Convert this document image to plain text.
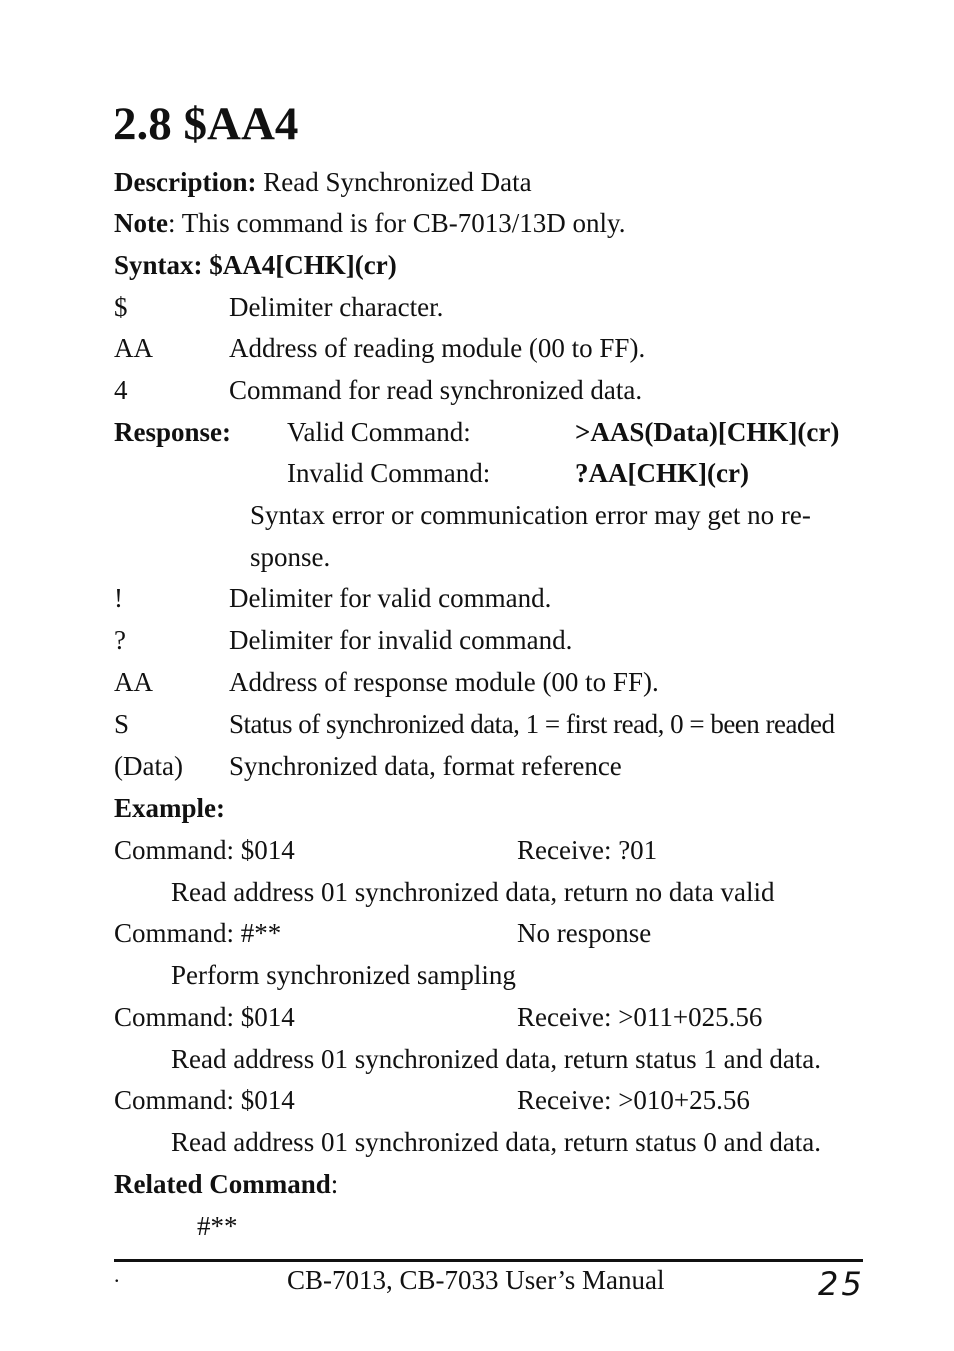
2.8 $AA4
Description: Read Synchronized Data
Note: This command is for CB-7013/13D only.
Syntax: $AA4[CHK](cr)
$	Delimiter character.
AA	Address of reading module (00 to FF).
4	Command for read synchronized data.
Response: Valid Command:	>AAS(Data)[CHK](cr)
Invalid Command:	?AA[CHK](cr)
Syntax error or communication error may get no re-
sponse.
!	Delimiter for valid command.
?	Delimiter for invalid command.
AA	Address of response module (00 to FF).
S	Status of synchronized data, 1 = first read, 0 = been readed
(Data) Synchronized data, format reference
Example:
Command: $014	Receive: ?01
Read address 01 synchronized data, return no data valid
Command: #**	No response
Perform synchronized sampling
Command: $014	Receive: >011+025.56
Read address 01 synchronized data, return status 1 and data.
Command: $014	Receive: >010+25.56
Read address 01 synchronized data, return status 0 and data.
Related Command:
#**
.	CB-7013, CB-7033 User’s Manual	25
